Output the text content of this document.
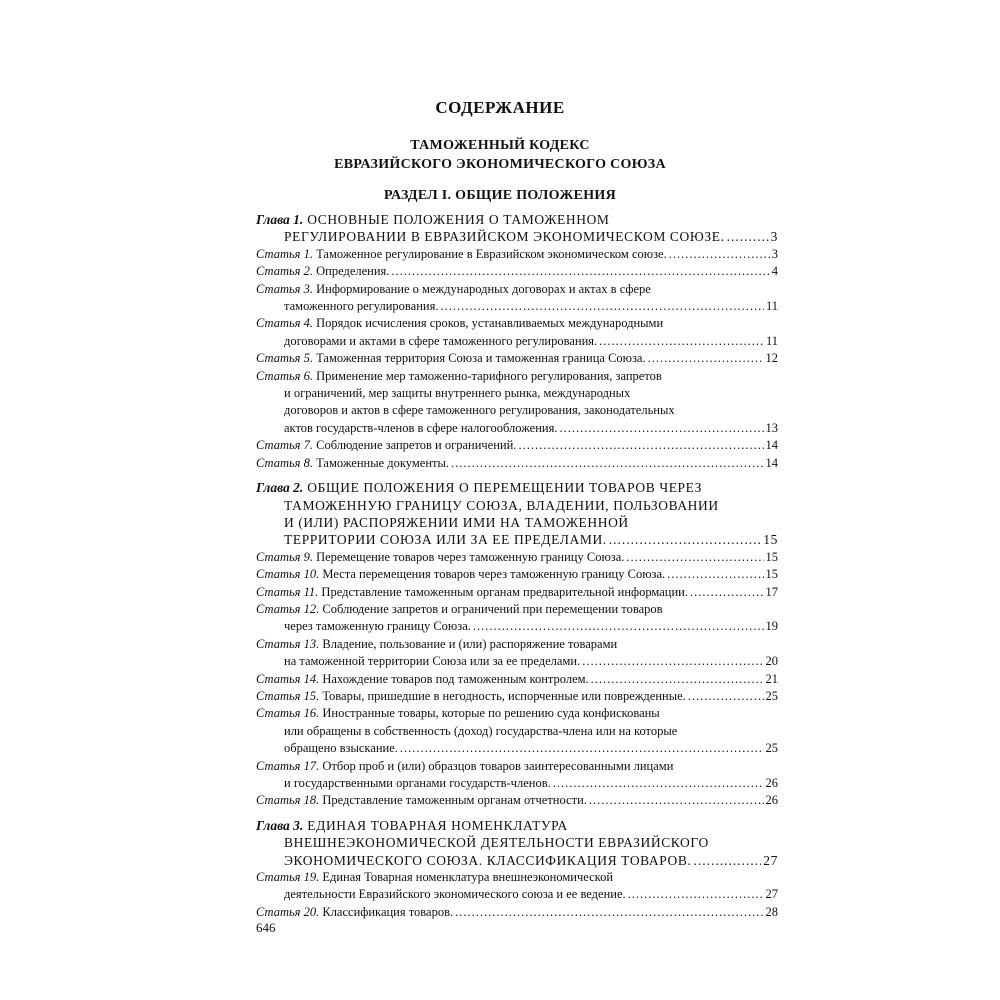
СОДЕРЖАНИЕ
ТАМОЖЕННЫЙ КОДЕКС
ЕВРАЗИЙСКОГО ЭКОНОМИЧЕСКОГО СОЮЗА
РАЗДЕЛ I. ОБЩИЕ ПОЛОЖЕНИЯ
Глава 1. ОСНОВНЫЕ ПОЛОЖЕНИЯ О ТАМОЖЕННОМ
РЕГУЛИРОВАНИИ В ЕВРАЗИЙСКОМ ЭКОНОМИЧЕСКОМ СОЮЗЕ. .....	3
Статья 1. Таможенное регулирование в Евразийском экономическом союзе. .....	3
Статья 2. Определения. .....	4
Статья 3. Информирование о международных договорах и актах в сфере
таможенного регулирования. .....	11
Статья 4. Порядок исчисления сроков, устанавливаемых международными
договорами и актами в сфере таможенного регулирования. .....	11
Статья 5. Таможенная территория Союза и таможенная граница Союза. .....	12
Статья 6. Применение мер таможенно-тарифного регулирования, запретов
и ограничений, мер защиты внутреннего рынка, международных
договоров и актов в сфере таможенного регулирования, законодательных
актов государств-членов в сфере налогообложения. .....	13
Статья 7. Соблюдение запретов и ограничений. .....	14
Статья 8. Таможенные документы. .....	14
Глава 2. ОБЩИЕ ПОЛОЖЕНИЯ О ПЕРЕМЕЩЕНИИ ТОВАРОВ ЧЕРЕЗ
ТАМОЖЕННУЮ ГРАНИЦУ СОЮЗА, ВЛАДЕНИИ, ПОЛЬЗОВАНИИ
И (ИЛИ) РАСПОРЯЖЕНИИ ИМИ НА ТАМОЖЕННОЙ
ТЕРРИТОРИИ СОЮЗА ИЛИ ЗА ЕЕ ПРЕДЕЛАМИ. .....	15
Статья 9. Перемещение товаров через таможенную границу Союза. .....	15
Статья 10. Места перемещения товаров через таможенную границу Союза. .....	15
Статья 11. Представление таможенным органам предварительной информации. .....	17
Статья 12. Соблюдение запретов и ограничений при перемещении товаров
через таможенную границу Союза. .....	19
Статья 13. Владение, пользование и (или) распоряжение товарами
на таможенной территории Союза или за ее пределами. .....	20
Статья 14. Нахождение товаров под таможенным контролем. .....	21
Статья 15. Товары, пришедшие в негодность, испорченные или поврежденные. .....	25
Статья 16. Иностранные товары, которые по решению суда конфискованы
или обращены в собственность (доход) государства-члена или на которые
обращено взыскание. .....	25
Статья 17. Отбор проб и (или) образцов товаров заинтересованными лицами
и государственными органами государств-членов. .....	26
Статья 18. Представление таможенным органам отчетности. .....	26
Глава 3. ЕДИНАЯ ТОВАРНАЯ НОМЕНКЛАТУРА
ВНЕШНЕЭКОНОМИЧЕСКОЙ ДЕЯТЕЛЬНОСТИ ЕВРАЗИЙСКОГО
ЭКОНОМИЧЕСКОГО СОЮЗА. КЛАССИФИКАЦИЯ ТОВАРОВ. .....	27
Статья 19. Единая Товарная номенклатура внешнеэкономической
деятельности Евразийского экономического союза и ее ведение. .....	27
Статья 20. Классификация товаров. .....	28
646
